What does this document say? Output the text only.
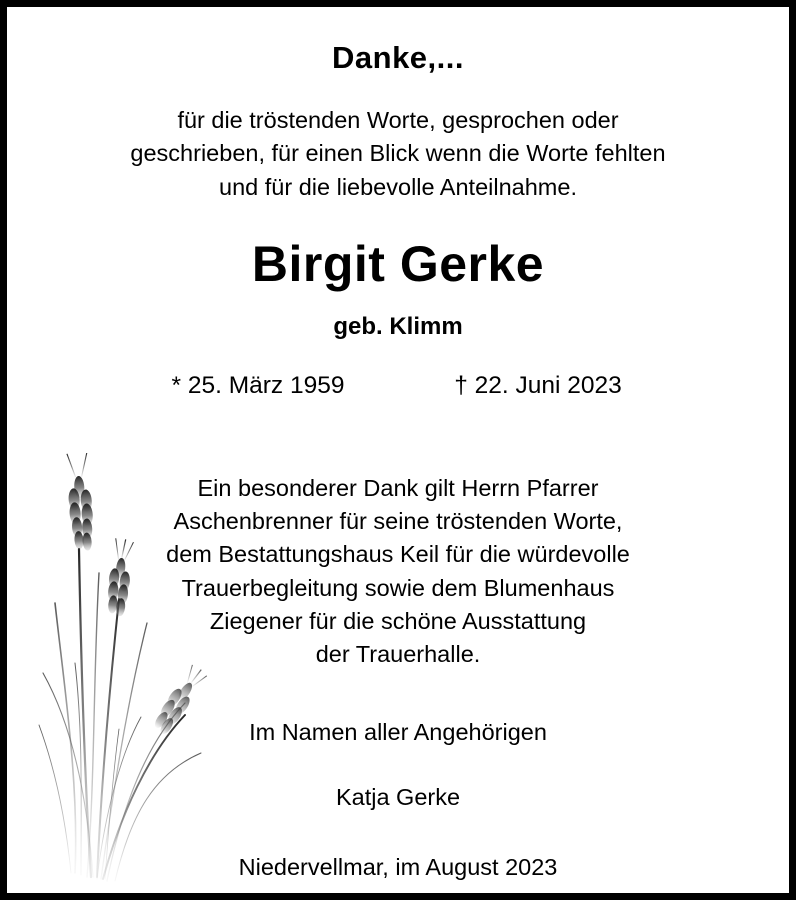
Danke,...
für die tröstenden Worte, gesprochen oder
geschrieben, für einen Blick wenn die Worte fehlten
und für die liebevolle Anteilnahme.
Birgit Gerke
geb. Klimm
* 25. März 1959	† 22. Juni 2023
Ein besonderer Dank gilt Herrn Pfarrer
Aschenbrenner für seine tröstenden Worte,
dem Bestattungshaus Keil für die würdevolle
Trauerbegleitung sowie dem Blumenhaus
Ziegener für die schöne Ausstattung
der Trauerhalle.
Im Namen aller Angehörigen
Katja Gerke
Niedervellmar, im August 2023
